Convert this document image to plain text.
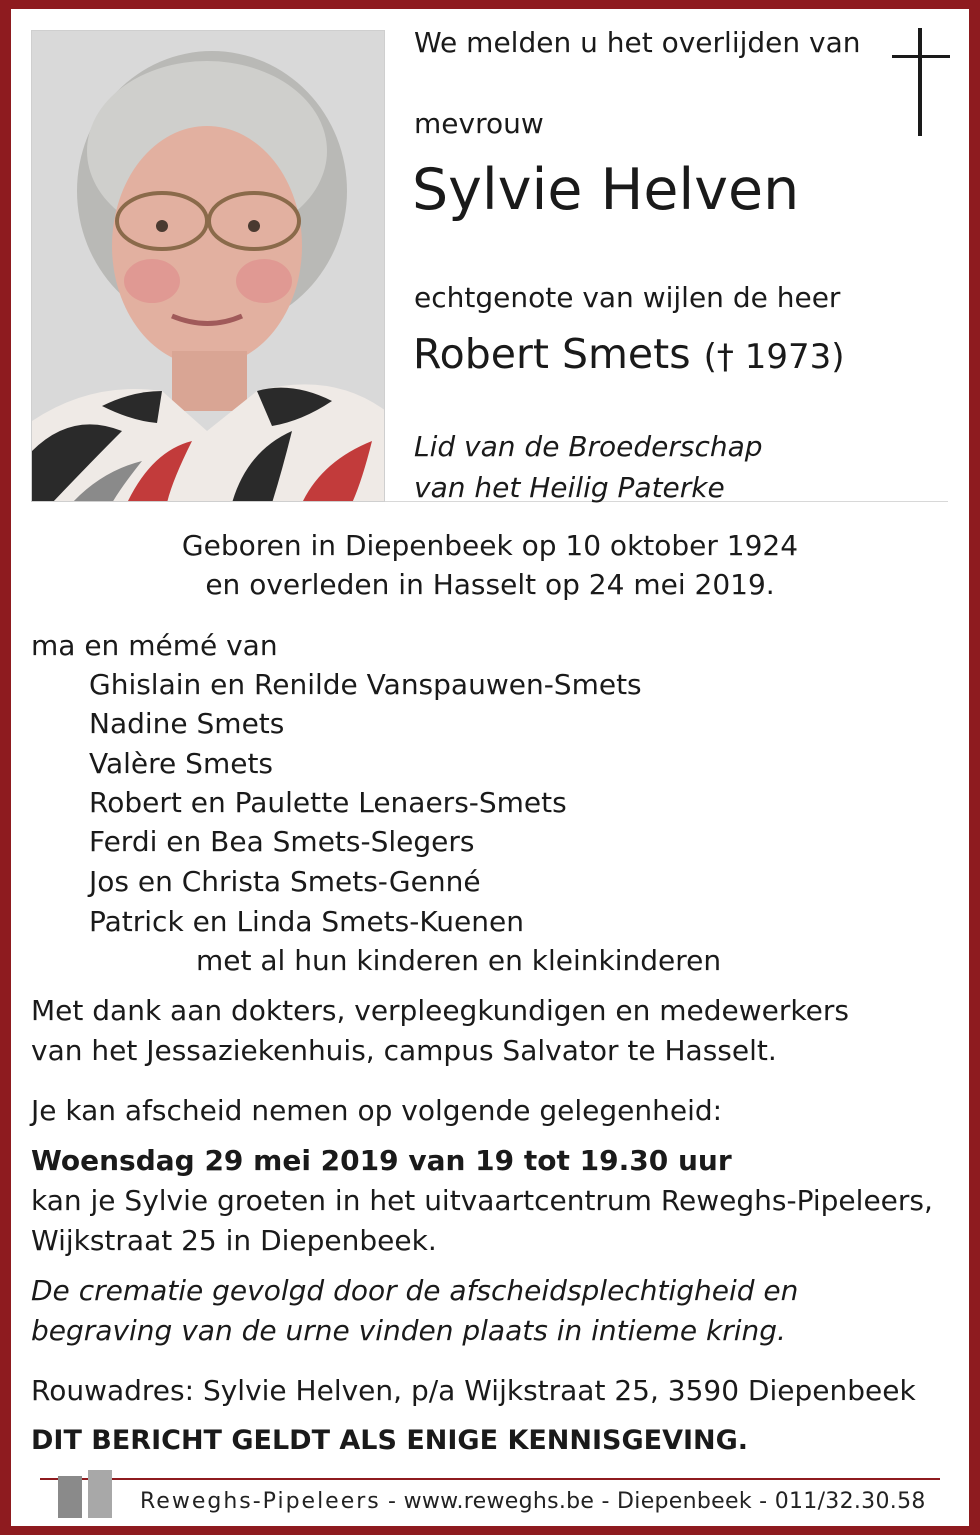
We melden u het overlijden van
mevrouw
Sylvie Helven
echtgenote van wijlen de heer
Robert Smets († 1973)
Lid van de Broederschap
van het Heilig Paterke
Geboren in Diepenbeek op 10 oktober 1924
en overleden in Hasselt op 24 mei 2019.
ma en mémé van
Ghislain en Renilde Vanspauwen-Smets
Nadine Smets
Valère Smets
Robert en Paulette Lenaers-Smets
Ferdi en Bea Smets-Slegers
Jos en Christa Smets-Genné
Patrick en Linda Smets-Kuenen
met al hun kinderen en kleinkinderen
Met dank aan dokters, verpleegkundigen en medewerkers
van het Jessaziekenhuis, campus Salvator te Hasselt.
Je kan afscheid nemen op volgende gelegenheid:
Woensdag 29 mei 2019 van 19 tot 19.30 uur
kan je Sylvie groeten in het uitvaartcentrum Reweghs-Pipeleers,
Wijkstraat 25 in Diepenbeek.
De crematie gevolgd door de afscheidsplechtigheid en
begraving van de urne vinden plaats in intieme kring.
Rouwadres: Sylvie Helven, p/a Wijkstraat 25, 3590 Diepenbeek
DIT BERICHT GELDT ALS ENIGE KENNISGEVING.
Reweghs-Pipeleers - www.reweghs.be - Diepenbeek - 011/32.30.58
